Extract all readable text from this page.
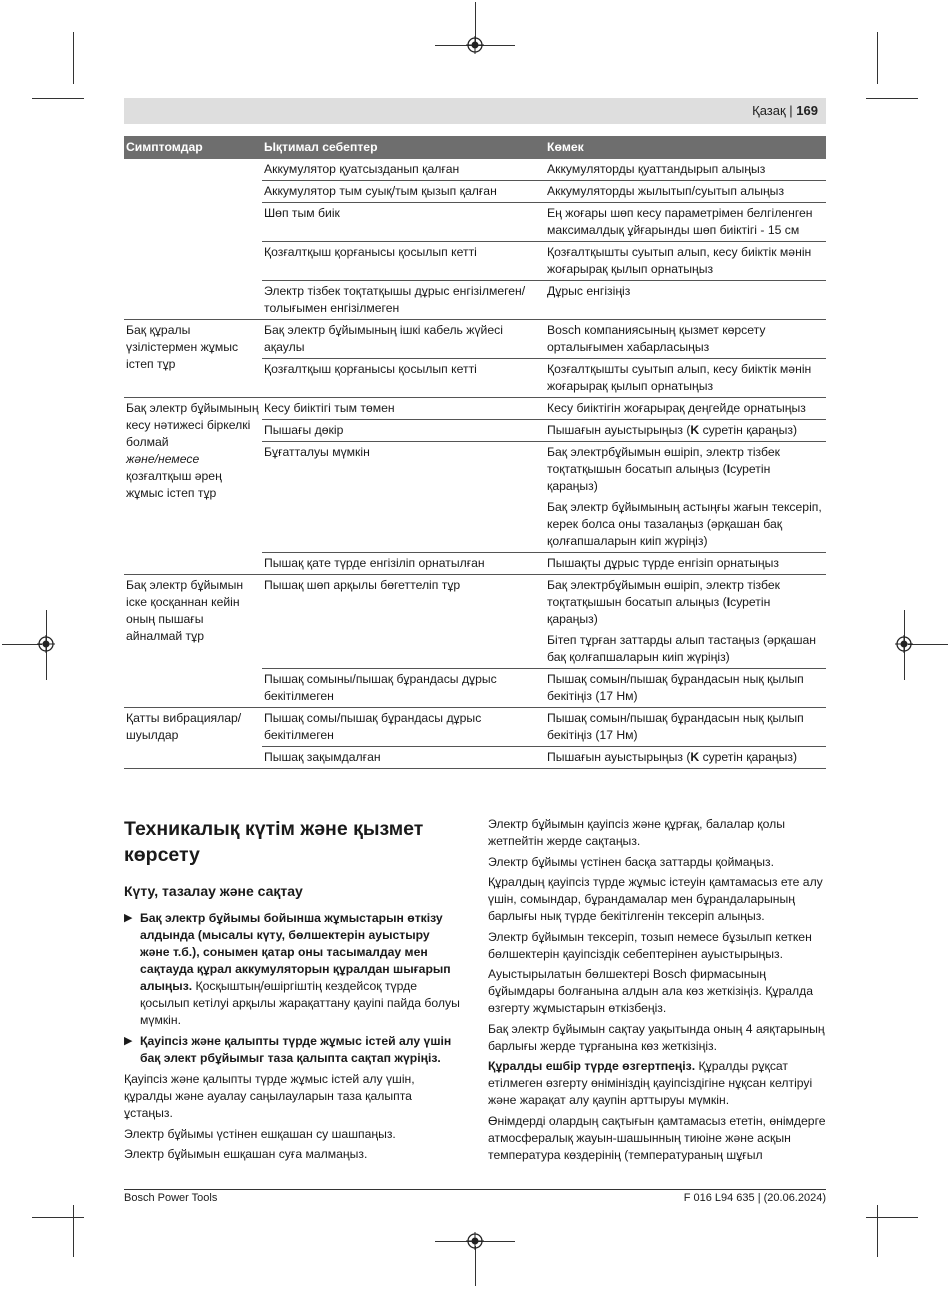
Қазақ | 169
Симптомдар	Ықтимал себептер	Көмек
	Аккумулятор қуатсызданып қалған	Аккумуляторды қуаттандырып алыңыз
	Аккумулятор тым суық/тым қызып қалған	Аккумуляторды жылытып/суытып алыңыз
	Шөп тым биік	Ең жоғары шөп кесу параметрімен белгіленген максималдық ұйғарынды шөп биіктігі - 15 см
	Қозғалтқыш қорғанысы қосылып кетті	Қозғалтқышты суытып алып, кесу биіктік мәнін жоғарырақ қылып орнатыңыз
	Электр тізбек тоқтатқышы дұрыс енгізілмеген/ толығымен енгізілмеген	Дұрыс енгізіңіз
Бақ құралы үзілістермен жұмыс істеп тұр	Бақ электр бұйымының ішкі кабель жүйесі ақаулы	Bosch компаниясының қызмет көрсету орталығымен хабарласыңыз
	Қозғалтқыш қорғанысы қосылып кетті	Қозғалтқышты суытып алып, кесу биіктік мәнін жоғарырақ қылып орнатыңыз
Бақ электр бұйымының кесу нәтижесі біркелкі болмай
және/немесе
қозғалтқыш әрең жұмыс істеп тұр	Кесу биіктігі тым төмен	Кесу биіктігін жоғарырақ деңгейде орнатыңыз
	Пышағы дөкір	Пышағын ауыстырыңыз (K суретін қараңыз)
	Бұғатталуы мүмкін	Бақ электрбұйымын өшіріп, электр тізбек тоқтатқышын босатып алыңыз (Iсуретін қараңыз)
		Бақ электр бұйымының астыңғы жағын тексеріп, керек болса оны тазалаңыз (әрқашан бақ қолғапшаларын киіп жүріңіз)
	Пышақ қате түрде енгізіліп орнатылған	Пышақты дұрыс түрде енгізіп орнатыңыз
Бақ электр бұйымын іске қосқаннан кейін оның пышағы айналмай тұр	Пышақ шөп арқылы бөгеттеліп тұр	Бақ электрбұйымын өшіріп, электр тізбек тоқтатқышын босатып алыңыз (Iсуретін қараңыз)
		Бітеп тұрған заттарды алып тастаңыз (әрқашан бақ қолғапшаларын киіп жүріңіз)
	Пышақ сомыны/пышақ бұрандасы дұрыс бекітілмеген	Пышақ сомын/пышақ бұрандасын нық қылып бекітіңіз (17 Нм)
Қатты вибрациялар/ шуылдар	Пышақ сомы/пышақ бұрандасы дұрыс бекітілмеген	Пышақ сомын/пышақ бұрандасын нық қылып бекітіңіз (17 Нм)
	Пышақ зақымдалған	Пышағын ауыстырыңыз (K суретін қараңыз)
Техникалық күтім және қызмет көрсету
Күту, тазалау және сақтау
▶ Бақ электр бұйымы бойынша жұмыстарын өткізу алдында (мысалы күту, бөлшектерін ауыстыру және т.б.), сонымен қатар оны тасымалдау мен сақтауда құрал аккумуляторын құралдан шығарып алыңыз. Қосқыштың/өшіргіштің кездейсоқ түрде қосылып кетілуі арқылы жарақаттану қауіпі пайда болуы мүмкін.
▶ Қауіпсіз және қалыпты түрде жұмыс істей алу үшін бақ элект рбұйымыг таза қалыпта сақтап жүріңіз.
Қауіпсіз және қалыпты түрде жұмыс істей алу үшін, құралды және ауалау саңылауларын таза қалыпта ұстаңыз.
Электр бұйымы үстінен ешқашан су шашпаңыз.
Электр бұйымын ешқашан суға малмаңыз.
Электр бұйымын қауіпсіз және құрғақ, балалар қолы жетпейтін жерде сақтаңыз.
Электр бұйымы үстінен басқа заттарды қоймаңыз.
Құралдың қауіпсіз түрде жұмыс істеуін қамтамасыз ете алу үшін, сомындар, бұрандамалар мен бұрандаларының барлығы нық түрде бекітілгенін тексеріп алыңыз.
Электр бұйымын тексеріп, тозып немесе бұзылып кеткен бөлшектерін қауіпсіздік себептерінен ауыстырыңыз.
Ауыстырылатын бөлшектері Bosch фирмасының бұйымдары болғанына алдын ала көз жеткізіңіз. Құралда өзгерту жұмыстарын өткізбеңіз.
Бақ электр бұйымын сақтау уақытында оның 4 аяқтарының барлығы жерде тұрғанына көз жеткізіңіз.
Құралды ешбір түрде өзгертпеңіз. Құралды рұқсат етілмеген өзгерту өнімініздің қауіпсіздігіне нұқсан келтіруі және жарақат алу қаупін арттыруы мүмкін.
Өнімдерді олардың сақтығын қамтамасыз ететін, өнімдерге атмосфералық жауын-шашынның тиюіне және асқын температура көздерінің (температураның шұғыл
Bosch Power Tools	F 016 L94 635 | (20.06.2024)
